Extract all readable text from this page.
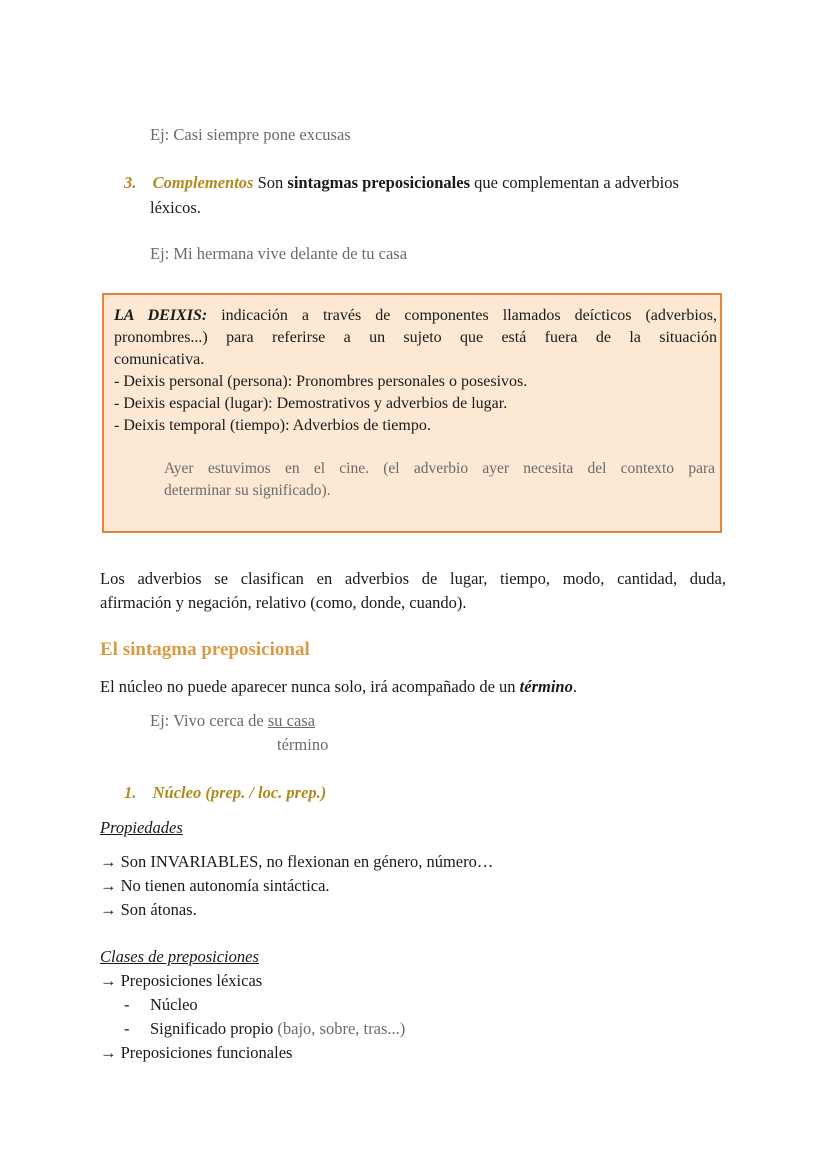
Ej: Casi siempre pone excusas
3. Complementos Son sintagmas preposicionales que complementan a adverbios
léxicos.
Ej: Mi hermana vive delante de tu casa
LA DEIXIS: indicación a través de componentes llamados deícticos (adverbios,
pronombres...) para referirse a un sujeto que está fuera de la situación
comunicativa.
- Deixis personal (persona): Pronombres personales o posesivos.
- Deixis espacial (lugar): Demostrativos y adverbios de lugar.
- Deixis temporal (tiempo): Adverbios de tiempo.
Ayer estuvimos en el cine. (el adverbio ayer necesita del contexto para
determinar su significado).
Los adverbios se clasifican en adverbios de lugar, tiempo, modo, cantidad, duda,
afirmación y negación, relativo (como, donde, cuando).
El sintagma preposicional
El núcleo no puede aparecer nunca solo, irá acompañado de un término.
Ej: Vivo cerca de su casa
término
1. Núcleo (prep. / loc. prep.)
Propiedades
→ Son INVARIABLES, no flexionan en género, número…
→ No tienen autonomía sintáctica.
→ Son átonas.
Clases de preposiciones
→ Preposiciones léxicas
- Núcleo
- Significado propio (bajo, sobre, tras...)
→ Preposiciones funcionales
